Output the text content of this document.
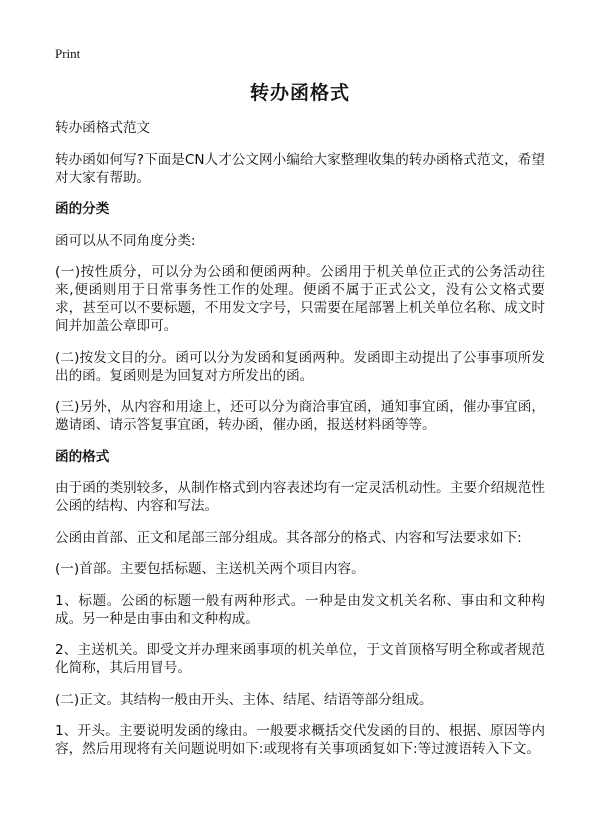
Print
转办函格式

转办函格式范文

转办函如何写?下面是CN人才公文网小编给大家整理收集的转办函格式范文，希望对大家有帮助。

函的分类

函可以从不同角度分类:

(一)按性质分，可以分为公函和便函两种。公函用于机关单位正式的公务活动往来,便函则用于日常事务性工作的处理。便函不属于正式公文，没有公文格式要求，甚至可以不要标题，不用发文字号，只需要在尾部署上机关单位名称、成文时间并加盖公章即可。

(二)按发文目的分。函可以分为发函和复函两种。发函即主动提出了公事事项所发出的函。复函则是为回复对方所发出的函。

(三)另外，从内容和用途上，还可以分为商洽事宜函，通知事宜函，催办事宜函，邀请函、请示答复事宜函，转办函，催办函，报送材料函等等。

函的格式

由于函的类别较多，从制作格式到内容表述均有一定灵活机动性。主要介绍规范性公函的结构、内容和写法。

公函由首部、正文和尾部三部分组成。其各部分的格式、内容和写法要求如下:

(一)首部。主要包括标题、主送机关两个项目内容。

1、标题。公函的标题一般有两种形式。一种是由发文机关名称、事由和文种构成。另一种是由事由和文种构成。

2、主送机关。即受文并办理来函事项的机关单位，于文首顶格写明全称或者规范化简称，其后用冒号。

(二)正文。其结构一般由开头、主体、结尾、结语等部分组成。

1、开头。主要说明发函的缘由。一般要求概括交代发函的目的、根据、原因等内容，然后用现将有关问题说明如下:或现将有关事项函复如下:等过渡语转入下文。
